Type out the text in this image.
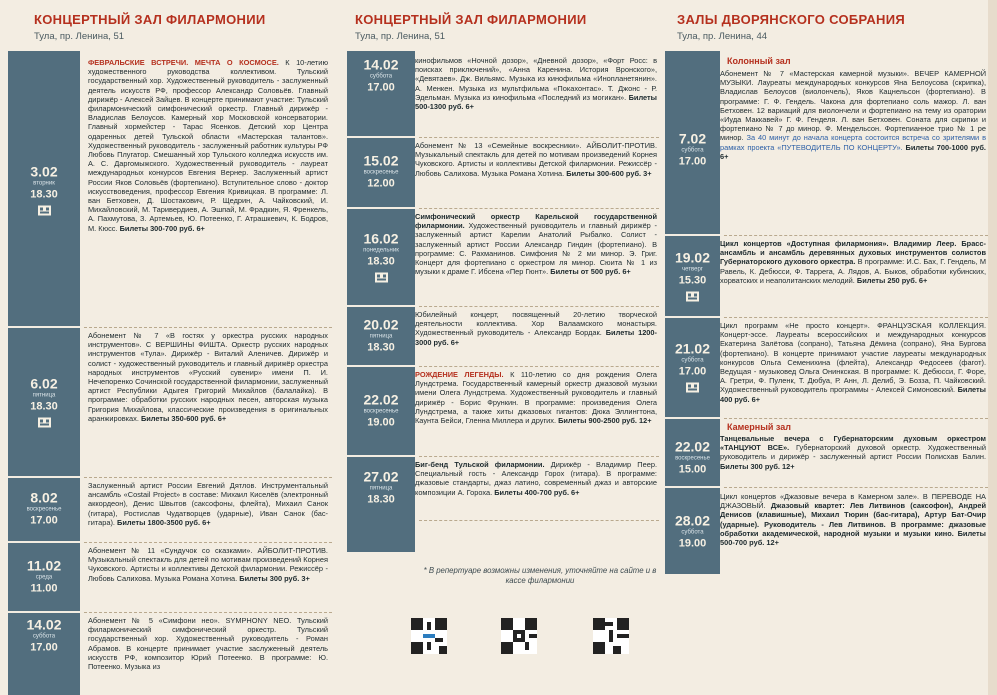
КОНЦЕРТНЫЙ ЗАЛ ФИЛАРМОНИИ
Тула, пр. Ленина, 51
3.02
вторник
18.30
ФЕВРАЛЬСКИЕ ВСТРЕЧИ. МЕЧТА О КОСМОСЕ. К 10-летию художественного руководства коллективом. Тульский государственный хор. Художественный руководитель - заслуженный деятель искусств РФ, профессор Александр Соловьёв. Главный дирижёр - Алексей Зайцев. В концерте принимают участие: Тульский филармонический симфонический оркестр. Главный дирижёр - Владислав Белоусов. Камерный хор Московской консерватории. Главный хормейстер - Тарас Ясенков. Детский хор Центра одаренных детей Тульской области «Мастерская талантов». Художественный руководитель - заслуженный работник культуры РФ Любовь Плугатор. Смешанный хор Тульского колледжа искусств им. А. С. Даргомыжского. Художественный руководитель - лауреат международных конкурсов Евгения Вернер. Заслуженный артист России Яков Соловьёв (фортепиано). Вступительное слово - доктор искусствоведения, профессор Евгения Кривицкая. В программе: Л. ван Бетховен, Д. Шостакович, Р. Щедрин, А. Чайковский, И. Михайловский, М. Таривердиев, А. Эшпай, М. Фрадкин, Я. Френкель, А. Пахмутова, З. Артемьев, Ю. Потеенко, Г. Атрашкевич, К. Бодров, М. Кюсс. Билеты 300-700 руб. 6+
6.02
пятница
18.30
Абонемент № 7 «В гостях у оркестра русских народных инструментов». С ВЕРШИНЫ ФИШТА. Оркестр русских народных инструментов «Тула». Дирижёр - Виталий Аленичев. Дирижёр и солист - художественный руководитель и главный дирижёр оркестра народных инструментов «Русский сувенир» имени П. И. Нечепоренко Сочинской государственной филармонии, заслуженный артист Республики Адыгея Григорий Михайлов (балалайка). В программе: обработки русских народных песен, авторская музыка Григория Михайлова, классические произведения в оригинальных аранжировках. Билеты 350-600 руб. 6+
8.02
воскресенье
17.00
Заслуженный артист России Евгений Дятлов. Инструментальный ансамбль «Costail Project» в составе: Михаил Киселёв (электронный аккордеон), Денис Швытов (саксофоны, флейта), Михаил Санок (гитара), Ростислав Чудатворцев (ударные), Иван Санок (бас-гитара). Билеты 1800-3500 руб. 6+
11.02
среда
11.00
Абонемент № 11 «Сундучок со сказками». АЙБОЛИТ-ПРОТИВ. Музыкальный спектакль для детей по мотивам произведений Корнея Чуковского. Артисты и коллективы Детской филармонии. Режиссёр - Любовь Салихова. Музыка Романа Хотина. Билеты 300 руб. 3+
14.02
суббота
17.00
Абонемент № 5 «Симфони нео». SYMPHONY NEO. Тульский филармонический симфонический оркестр. Тульский государственный хор. Художественный руководитель - Роман Абрамов. В концерте принимает участие заслуженный деятель искусств РФ, композитор Юрий Потеенко. В программе: Ю. Потеенко. Музыка из
КОНЦЕРТНЫЙ ЗАЛ ФИЛАРМОНИИ
Тула, пр. Ленина, 51
14.02
суббота
17.00
кинофильмов «Ночной дозор», «Дневной дозор», «Форт Росс: в поисках приключений», «Анна Каренина. История Вронского», «Девятаев». Дж. Вильямс. Музыка из кинофильма «Инопланетянин». А. Менкен. Музыка из мультфильма «Покахонтас». Т. Джонс - Р. Эдельман. Музыка из кинофильма «Последний из могикан». Билеты 500-1300 руб. 6+
15.02
воскресенье
12.00
Абонемент № 13 «Семейные воскресники». АЙБОЛИТ-ПРОТИВ. Музыкальный спектакль для детей по мотивам произведений Корнея Чуковского. Артисты и коллективы Детской филармонии. Режиссёр - Любовь Салихова. Музыка Романа Хотина. Билеты 300-600 руб. 3+
16.02
понедельник
18.30
Симфонический оркестр Карельской государственной филармонии. Художественный руководитель и главный дирижёр - заслуженный артист Карелии Анатолий Рыбалко. Солист - заслуженный артист России Александр Гиндин (фортепиано). В программе: С. Рахманинов. Симфония № 2 ми минор. Э. Григ. Концерт для фортепиано с оркестром ля минор. Сюита № 1 из музыки к драме Г. Ибсена «Пер Гюнт». Билеты от 500 руб. 6+
20.02
пятница
18.30
Юбилейный концерт, посвященный 20-летию творческой деятельности коллектива. Хор Валаамского монастыря. Художественный руководитель - Александр Бордак. Билеты 1200-3000 руб. 6+
22.02
воскресенье
19.00
РОЖДЕНИЕ ЛЕГЕНДЫ. К 110-летию со дня рождения Олега Лундстрема. Государственный камерный оркестр джазовой музыки имени Олега Лундстрема. Художественный руководитель и главный дирижёр - Борис Фрункин. В программе: произведения Олега Лундстрема, а также хиты джазовых гигантов: Дюка Эллингтона, Каунта Бейси, Гленна Миллера и других. Билеты 900-2500 руб. 12+
27.02
пятница
18.30
Биг-бенд Тульской филармонии. Дирижёр - Владимир Пеер. Специальный гость - Александр Горох (гитара). В программе: джазовые стандарты, джаз латино, современный джаз и авторские композиции А. Гороха. Билеты 400-700 руб. 6+
* В репертуаре возможны изменения, уточняйте на сайте и в кассе филармонии
ЗАЛЫ ДВОРЯНСКОГО СОБРАНИЯ
Тула, пр. Ленина, 44
Колонный зал
7.02
суббота
17.00
Абонемент № 7 «Мастерская камерной музыки». ВЕЧЕР КАМЕРНОЙ МУЗЫКИ. Лауреаты международных конкурсов Яна Белоусова (скрипка), Владислав Белоусов (виолончель), Яков Кацнельсон (фортепиано). В программе: Г. Ф. Гендель. Чакона для фортепиано соль мажор. Л. ван Бетховен. 12 вариаций для виолончели и фортепиано на тему из оратории «Иуда Маккавей» Г. Ф. Генделя. Л. ван Бетховен. Соната для скрипки и фортепиано № 7 до минор. Ф. Мендельсон. Фортепианное трио № 1 ре минор. За 40 минут до начала концерта состоится встреча со зрителями в рамках проекта «ПУТЕВОДИТЕЛЬ ПО КОНЦЕРТУ». Билеты 700-1000 руб. 6+
19.02
четверг
15.30
Цикл концертов «Доступная филармония». Владимир Леер. Брасс-ансамбль и ансамбль деревянных духовых инструментов солистов Губернаторского духового оркестра. В программе: И.С. Бах, Г. Гендель, М Равель, К. Дебюсси, Ф. Таррега, А. Лядов, А. Быков, обработки кубинских, хорватских и неаполитанских мелодий. Билеты 250 руб. 6+
21.02
суббота
17.00
Цикл программ «Не просто концерт». ФРАНЦУЗСКАЯ КОЛЛЕКЦИЯ. Концерт-эссе. Лауреаты всероссийских и международных конкурсов Екатерина Залётова (сопрано), Татьяна Дёмина (сопрано), Яна Бургова (фортепиано). В концерте принимают участие лауреаты международных конкурсов Ольга Семенихина (флейта), Александр Федосеев (фагот). Ведущая - музыковед Ольга Онинкская. В программе: К. Дебюсси, Г. Форе, А. Гретри, Ф. Пуленк, Т. Дюбуа, Р. Анн, Л. Делиб, Э. Бозза, П. Чайковский. Художественный руководитель программы - Алексей Симоновский. Билеты 400 руб. 6+
Камерный зал
22.02
воскресенье
15.00
Танцевальные вечера с Губернаторским духовым оркестром «ТАНЦУЮТ ВСЕ». Губернаторский духовой оркестр. Художественный руководитель и дирижёр - заслуженный артист России Полисхав Балин. Билеты 300 руб. 12+
28.02
суббота
19.00
Цикл концертов «Джазовые вечера в Камерном зале». В ПЕРЕВОДЕ НА ДЖАЗОВЫЙ. Джазовый квартет: Лев Литвинов (саксофон), Андрей Денисов (клавишные), Михаил Тюрин (бас-гитара), Артур Бат-Очир (ударные). Руководитель - Лев Литвинов. В программе: джазовые обработки академической, народной музыки и музыки кино. Билеты 500-700 руб. 12+
